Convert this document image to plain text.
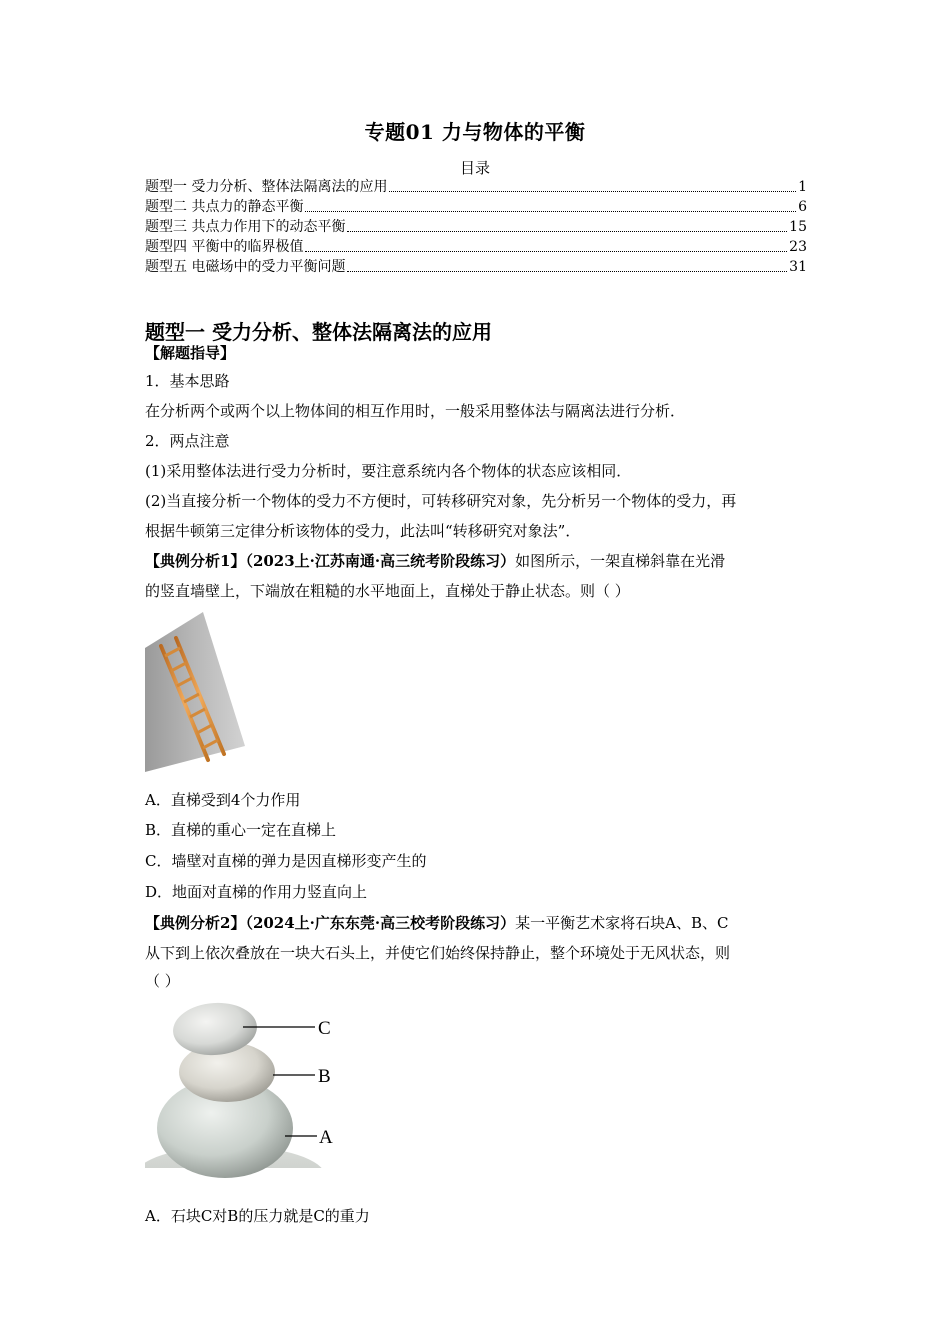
专题01 力与物体的平衡
目录
题型一 受力分析、整体法隔离法的应用	1
题型二 共点力的静态平衡	6
题型三 共点力作用下的动态平衡	15
题型四 平衡中的临界极值	23
题型五 电磁场中的受力平衡问题	31
题型一 受力分析、整体法隔离法的应用
【解题指导】
1．基本思路
在分析两个或两个以上物体间的相互作用时，一般采用整体法与隔离法进行分析．
2．两点注意
(1)采用整体法进行受力分析时，要注意系统内各个物体的状态应该相同．
(2)当直接分析一个物体的受力不方便时，可转移研究对象，先分析另一个物体的受力，再
根据牛顿第三定律分析该物体的受力，此法叫“转移研究对象法”．
【典例分析1】（2023上·江苏南通·高三统考阶段练习）如图所示，一架直梯斜靠在光滑
的竖直墙壁上，下端放在粗糙的水平地面上，直梯处于静止状态。则（ ）
A．直梯受到4个力作用
B．直梯的重心一定在直梯上
C．墙壁对直梯的弹力是因直梯形变产生的
D．地面对直梯的作用力竖直向上
【典例分析2】（2024上·广东东莞·高三校考阶段练习）某一平衡艺术家将石块A、B、C
从下到上依次叠放在一块大石头上，并使它们始终保持静止，整个环境处于无风状态，则
（ ）
C
B
A
A．石块C对B的压力就是C的重力
